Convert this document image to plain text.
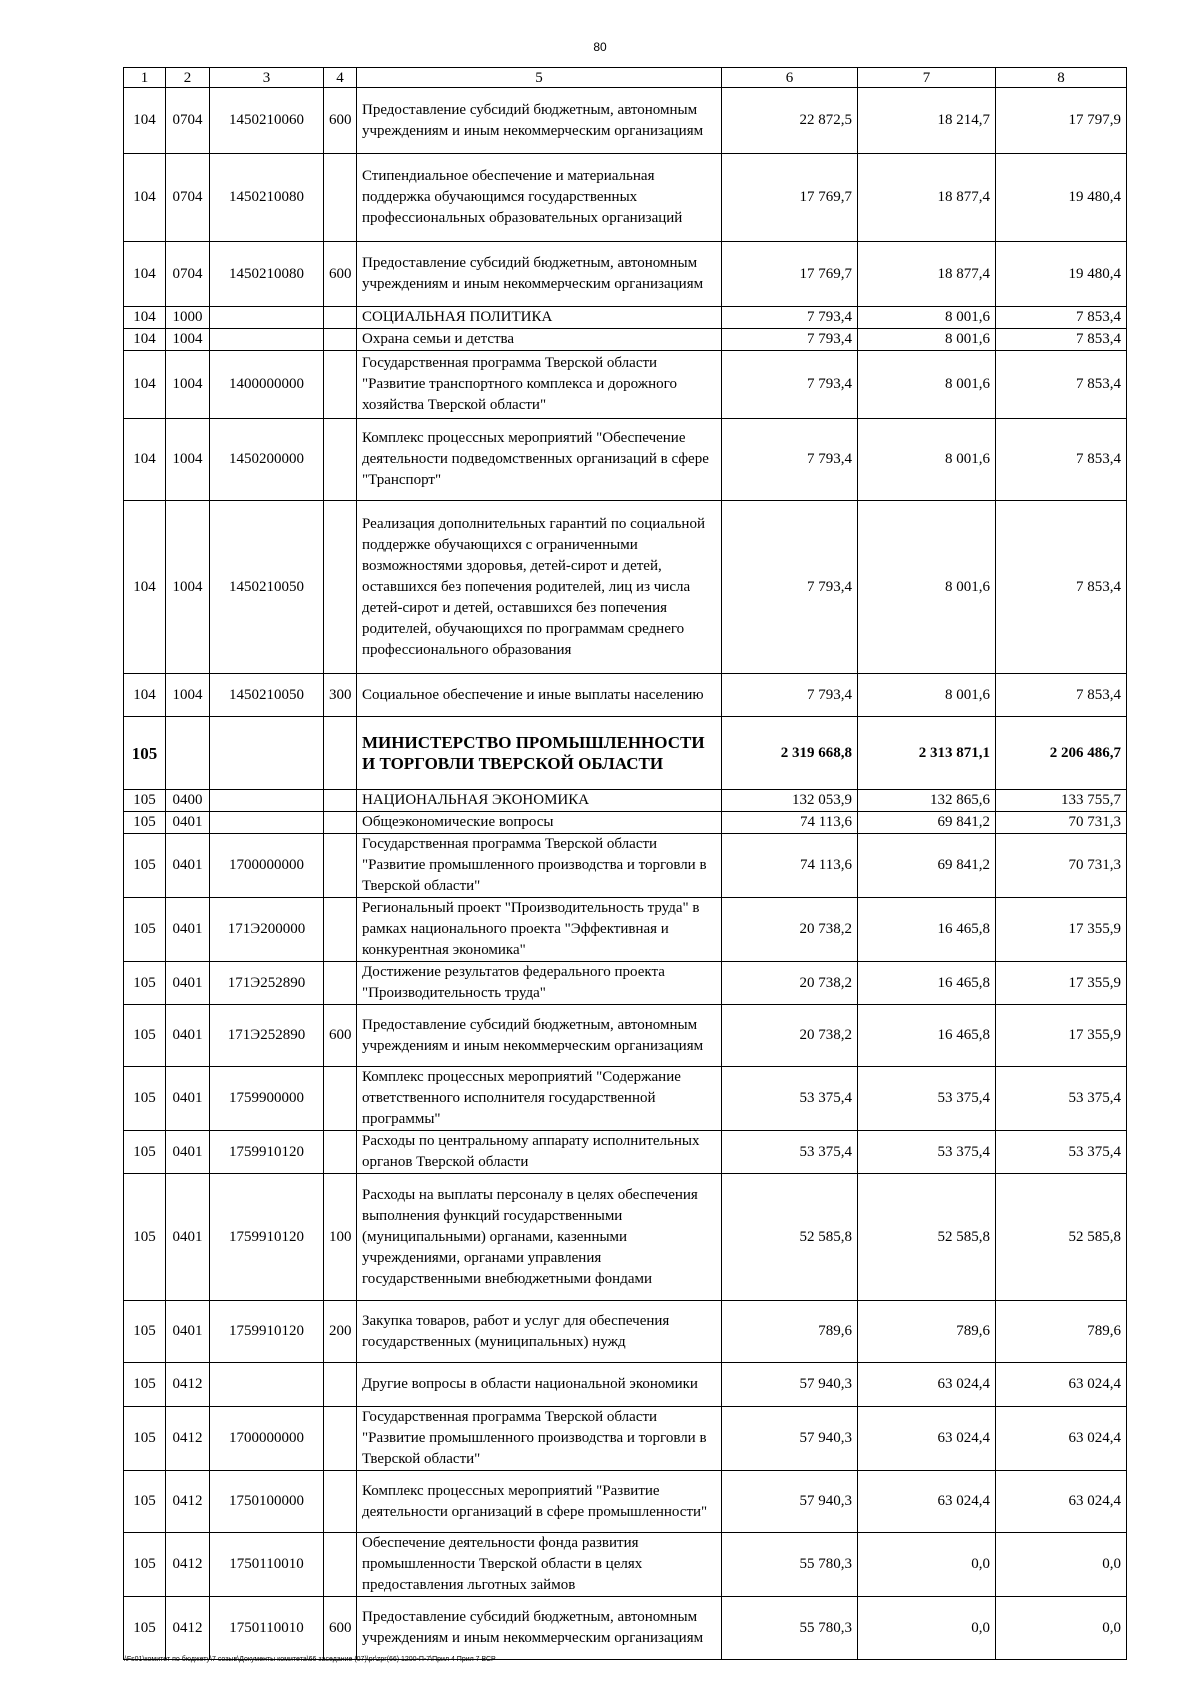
80
1	2	3	4	5	6	7	8
104	0704	1450210060	600	Предоставление субсидий бюджетным, автономным учреждениям и иным некоммерческим организациям	22 872,5	18 214,7	17 797,9
104	0704	1450210080		Стипендиальное обеспечение и материальная поддержка обучающимся государственных профессиональных образовательных организаций	17 769,7	18 877,4	19 480,4
104	0704	1450210080	600	Предоставление субсидий бюджетным, автономным учреждениям и иным некоммерческим организациям	17 769,7	18 877,4	19 480,4
104	1000			СОЦИАЛЬНАЯ ПОЛИТИКА	7 793,4	8 001,6	7 853,4
104	1004			Охрана семьи и детства	7 793,4	8 001,6	7 853,4
104	1004	1400000000		Государственная программа Тверской области "Развитие транспортного комплекса и дорожного хозяйства Тверской области"	7 793,4	8 001,6	7 853,4
104	1004	1450200000		Комплекс процессных мероприятий "Обеспечение деятельности подведомственных организаций в сфере "Транспорт"	7 793,4	8 001,6	7 853,4
104	1004	1450210050		Реализация дополнительных гарантий по социальной поддержке обучающихся с ограниченными возможностями здоровья, детей-сирот и детей, оставшихся без попечения родителей, лиц из числа детей-сирот и детей, оставшихся без попечения родителей, обучающихся по программам среднего профессионального образования	7 793,4	8 001,6	7 853,4
104	1004	1450210050	300	Социальное обеспечение и иные выплаты населению	7 793,4	8 001,6	7 853,4
105				МИНИСТЕРСТВО ПРОМЫШЛЕННОСТИ И ТОРГОВЛИ ТВЕРСКОЙ ОБЛАСТИ	2 319 668,8	2 313 871,1	2 206 486,7
105	0400			НАЦИОНАЛЬНАЯ ЭКОНОМИКА	132 053,9	132 865,6	133 755,7
105	0401			Общеэкономические вопросы	74 113,6	69 841,2	70 731,3
105	0401	1700000000		Государственная программа Тверской области "Развитие промышленного производства и торговли в Тверской области"	74 113,6	69 841,2	70 731,3
105	0401	171Э200000		Региональный проект "Производительность труда" в рамках национального проекта "Эффективная и конкурентная экономика"	20 738,2	16 465,8	17 355,9
105	0401	171Э252890		Достижение результатов федерального проекта "Производительность труда"	20 738,2	16 465,8	17 355,9
105	0401	171Э252890	600	Предоставление субсидий бюджетным, автономным учреждениям и иным некоммерческим организациям	20 738,2	16 465,8	17 355,9
105	0401	1759900000		Комплекс процессных мероприятий "Содержание ответственного исполнителя государственной программы"	53 375,4	53 375,4	53 375,4
105	0401	1759910120		Расходы по центральному аппарату исполнительных органов Тверской области	53 375,4	53 375,4	53 375,4
105	0401	1759910120	100	Расходы на выплаты персоналу в целях обеспечения выполнения функций государственными (муниципальными) органами, казенными учреждениями, органами управления государственными внебюджетными фондами	52 585,8	52 585,8	52 585,8
105	0401	1759910120	200	Закупка товаров, работ и услуг для обеспечения государственных (муниципальных) нужд	789,6	789,6	789,6
105	0412			Другие вопросы в области национальной экономики	57 940,3	63 024,4	63 024,4
105	0412	1700000000		Государственная программа Тверской области "Развитие промышленного производства и торговли в Тверской области"	57 940,3	63 024,4	63 024,4
105	0412	1750100000		Комплекс процессных мероприятий "Развитие деятельности организаций в сфере промышленности"	57 940,3	63 024,4	63 024,4
105	0412	1750110010		Обеспечение деятельности фонда развития промышленности Тверской области в целях предоставления льготных займов	55 780,3	0,0	0,0
105	0412	1750110010	600	Предоставление субсидий бюджетным, автономным учреждениям и иным некоммерческим организациям	55 780,3	0,0	0,0
\\Fs01\комитет по бюджету\7 созыв\Документы комитета\66 заседание (07)\pr\zpr(66) 1200-П-7\Прил 4 Прил 7 ВСР
